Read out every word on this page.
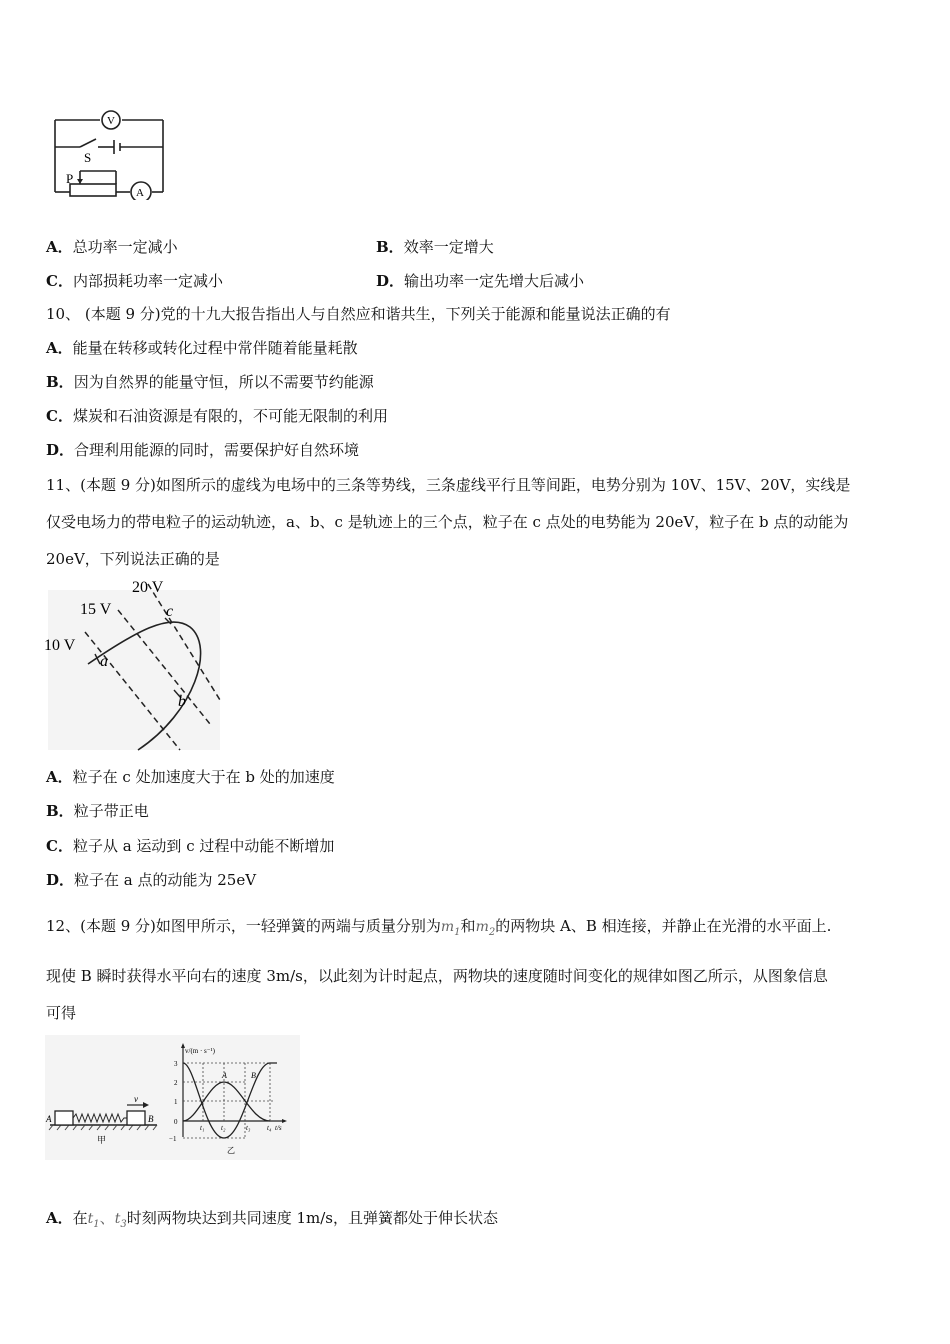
V
S
P
A
A．总功率一定减小	B．效率一定增大
C．内部损耗功率一定减小	D．输出功率一定先增大后减小
10、 (本题 9 分)党的十九大报告指出人与自然应和谐共生，下列关于能源和能量说法正确的有
A．能量在转移或转化过程中常伴随着能量耗散
B．因为自然界的能量守恒，所以不需要节约能源
C．煤炭和石油资源是有限的，不可能无限制的利用
D．合理利用能源的同时，需要保护好自然环境
11、(本题 9 分)如图所示的虚线为电场中的三条等势线，三条虚线平行且等间距，电势分别为 10V、15V、20V，实线是
仅受电场力的带电粒子的运动轨迹，a、b、c 是轨迹上的三个点，粒子在 c 点处的电势能为 20eV，粒子在 b 点的动能为
20eV，下列说法正确的是
20 V
15 V
10 V
a
c
b
A．粒子在 c 处加速度大于在 b 处的加速度
B．粒子带正电
C．粒子从 a 运动到 c 过程中动能不断增加
D．粒子在 a 点的动能为 25eV
12、(本题 9 分)如图甲所示，一轻弹簧的两端与质量分别为$m_1$和$m_2$的两物块 A、B 相连接，并静止在光滑的水平面上.
现使 B 瞬时获得水平向右的速度 3m/s，以此刻为计时起点，两物块的速度随时间变化的规律如图乙所示，从图象信息
可得
A	B
v
甲
v/(m · s⁻¹)
3
2
1
0
−1
t₁ t₂	t₃ t₄ t/s
A	B
乙
A．在$t_1$、$t_3$时刻两物块达到共同速度 1m/s，且弹簧都处于伸长状态
